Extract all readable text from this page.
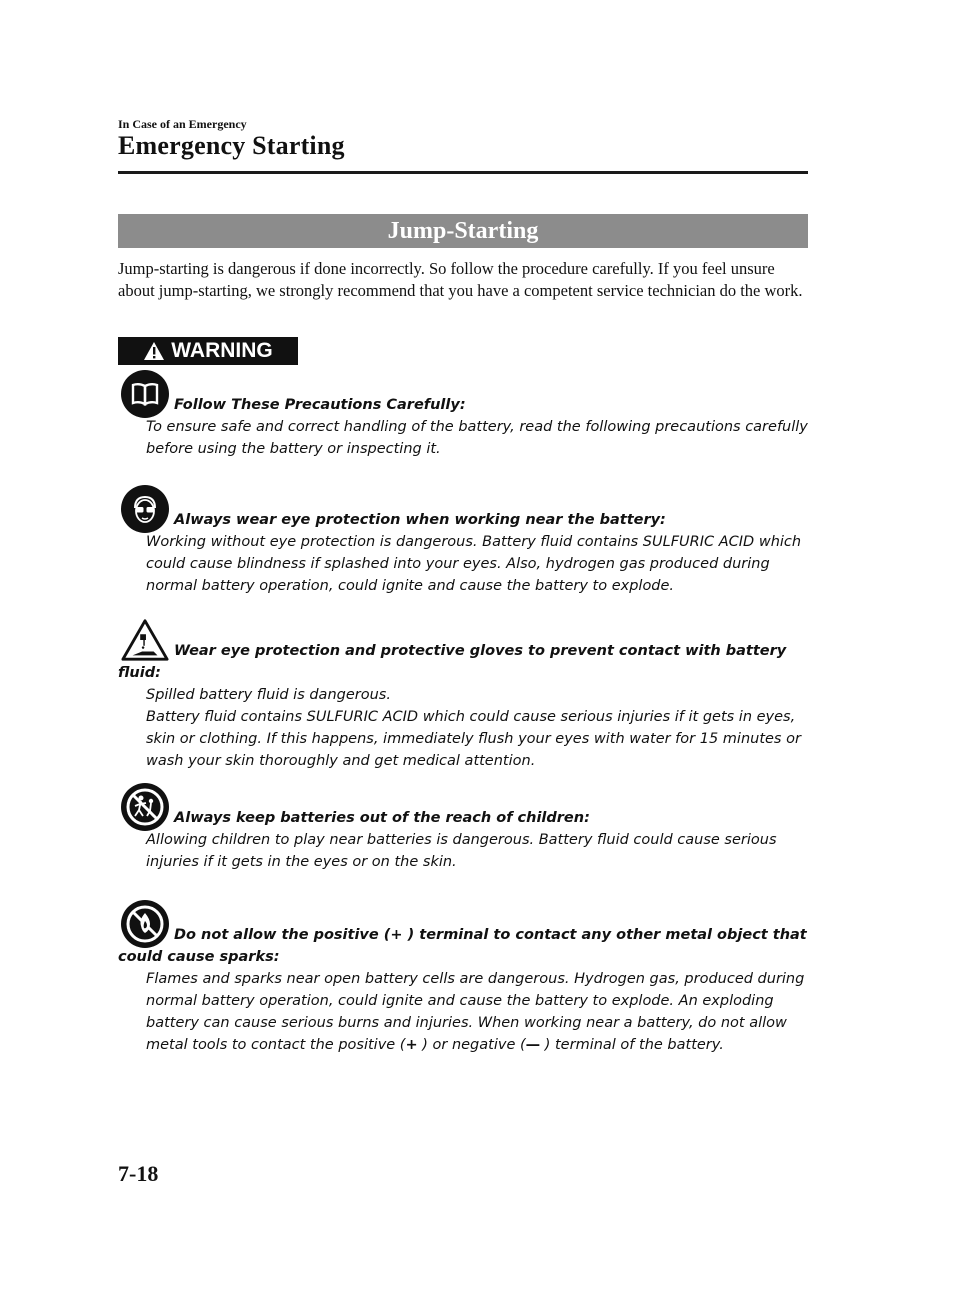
In Case of an Emergency
Emergency Starting
Jump-Starting

Jump-starting is dangerous if done incorrectly. So follow the procedure carefully. If you feel unsure about jump-starting, we strongly recommend that you have a competent service technician do the work.

WARNING
Follow These Precautions Carefully:
To ensure safe and correct handling of the battery, read the following precautions carefully before using the battery or inspecting it.
Always wear eye protection when working near the battery:
Working without eye protection is dangerous. Battery fluid contains SULFURIC ACID which could cause blindness if splashed into your eyes. Also, hydrogen gas produced during normal battery operation, could ignite and cause the battery to explode.
Wear eye protection and protective gloves to prevent contact with battery fluid:
Spilled battery fluid is dangerous.
Battery fluid contains SULFURIC ACID which could cause serious injuries if it gets in eyes, skin or clothing. If this happens, immediately flush your eyes with water for 15 minutes or wash your skin thoroughly and get medical attention.
Always keep batteries out of the reach of children:
Allowing children to play near batteries is dangerous. Battery fluid could cause serious injuries if it gets in the eyes or on the skin.
Do not allow the positive (+ ) terminal to contact any other metal object that could cause sparks:
Flames and sparks near open battery cells are dangerous. Hydrogen gas, produced during normal battery operation, could ignite and cause the battery to explode. An exploding battery can cause serious burns and injuries. When working near a battery, do not allow metal tools to contact the positive (+ ) or negative (— ) terminal of the battery.
7-18
